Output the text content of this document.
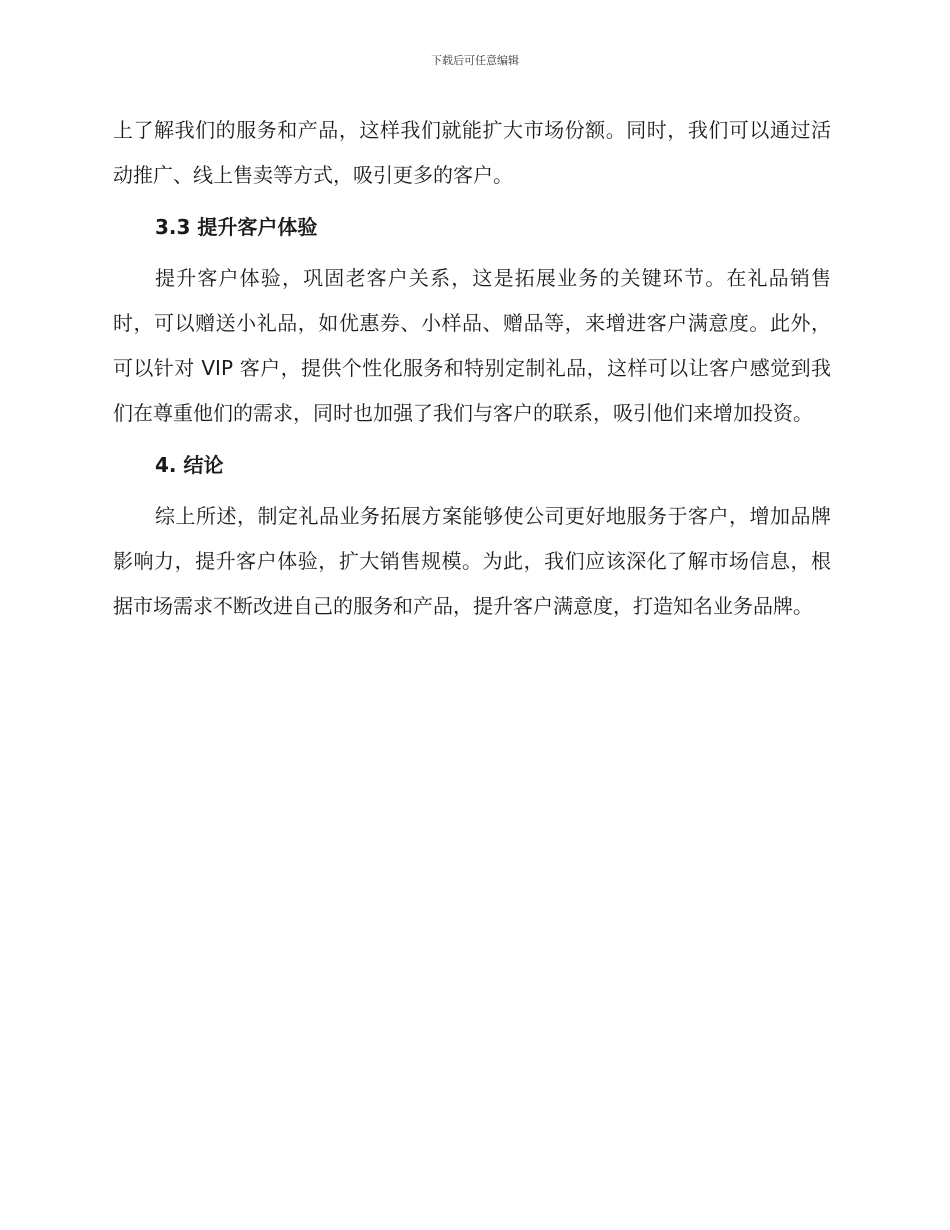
下载后可任意编辑

上了解我们的服务和产品，这样我们就能扩大市场份额。同时，我们可以通过活动推广、线上售卖等方式，吸引更多的客户。

3.3 提升客户体验

提升客户体验，巩固老客户关系，这是拓展业务的关键环节。在礼品销售时，可以赠送小礼品，如优惠券、小样品、赠品等，来增进客户满意度。此外，可以针对 VIP 客户，提供个性化服务和特别定制礼品，这样可以让客户感觉到我们在尊重他们的需求，同时也加强了我们与客户的联系，吸引他们来增加投资。

4. 结论

综上所述，制定礼品业务拓展方案能够使公司更好地服务于客户，增加品牌影响力，提升客户体验，扩大销售规模。为此，我们应该深化了解市场信息，根据市场需求不断改进自己的服务和产品，提升客户满意度，打造知名业务品牌。
